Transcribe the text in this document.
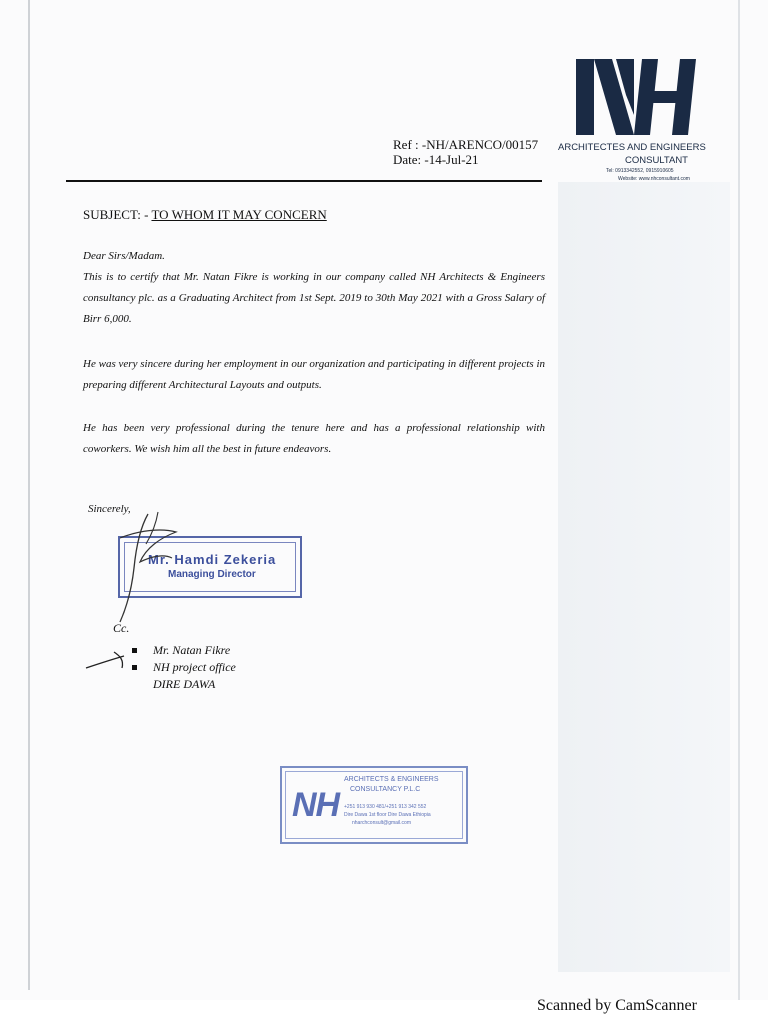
ARCHITECTES AND ENGINEERS
CONSULTANT
Tel: 0913342552, 0915910605
Website: www.nhconsultant.com
Ref : -NH/ARENCO/00157
Date: -14-Jul-21
SUBJECT: - TO WHOM IT MAY CONCERN
Dear Sirs/Madam.
This is to certify that Mr. Natan Fikre is working in our company called NH Architects & Engineers consultancy plc. as a Graduating Architect from 1st Sept. 2019 to 30th May 2021 with a Gross Salary of Birr 6,000.
He was very sincere during her employment in our organization and participating in different projects in preparing different Architectural Layouts and outputs.
He has been very professional during the tenure here and has a professional relationship with coworkers. We wish him all the best in future endeavors.
Sincerely,
Mr. Hamdi Zekeria
Managing Director
Cc.
Mr. Natan Fikre
NH project office
DIRE DAWA
NH
ARCHITECTS & ENGINEERS
CONSULTANCY P.L.C
+251 913 930 481/+251 913 342 552
Dire Dawa 1st floor Dire Dawa Ethiopia
nharchconsult@gmail.com
Scanned by CamScanner
